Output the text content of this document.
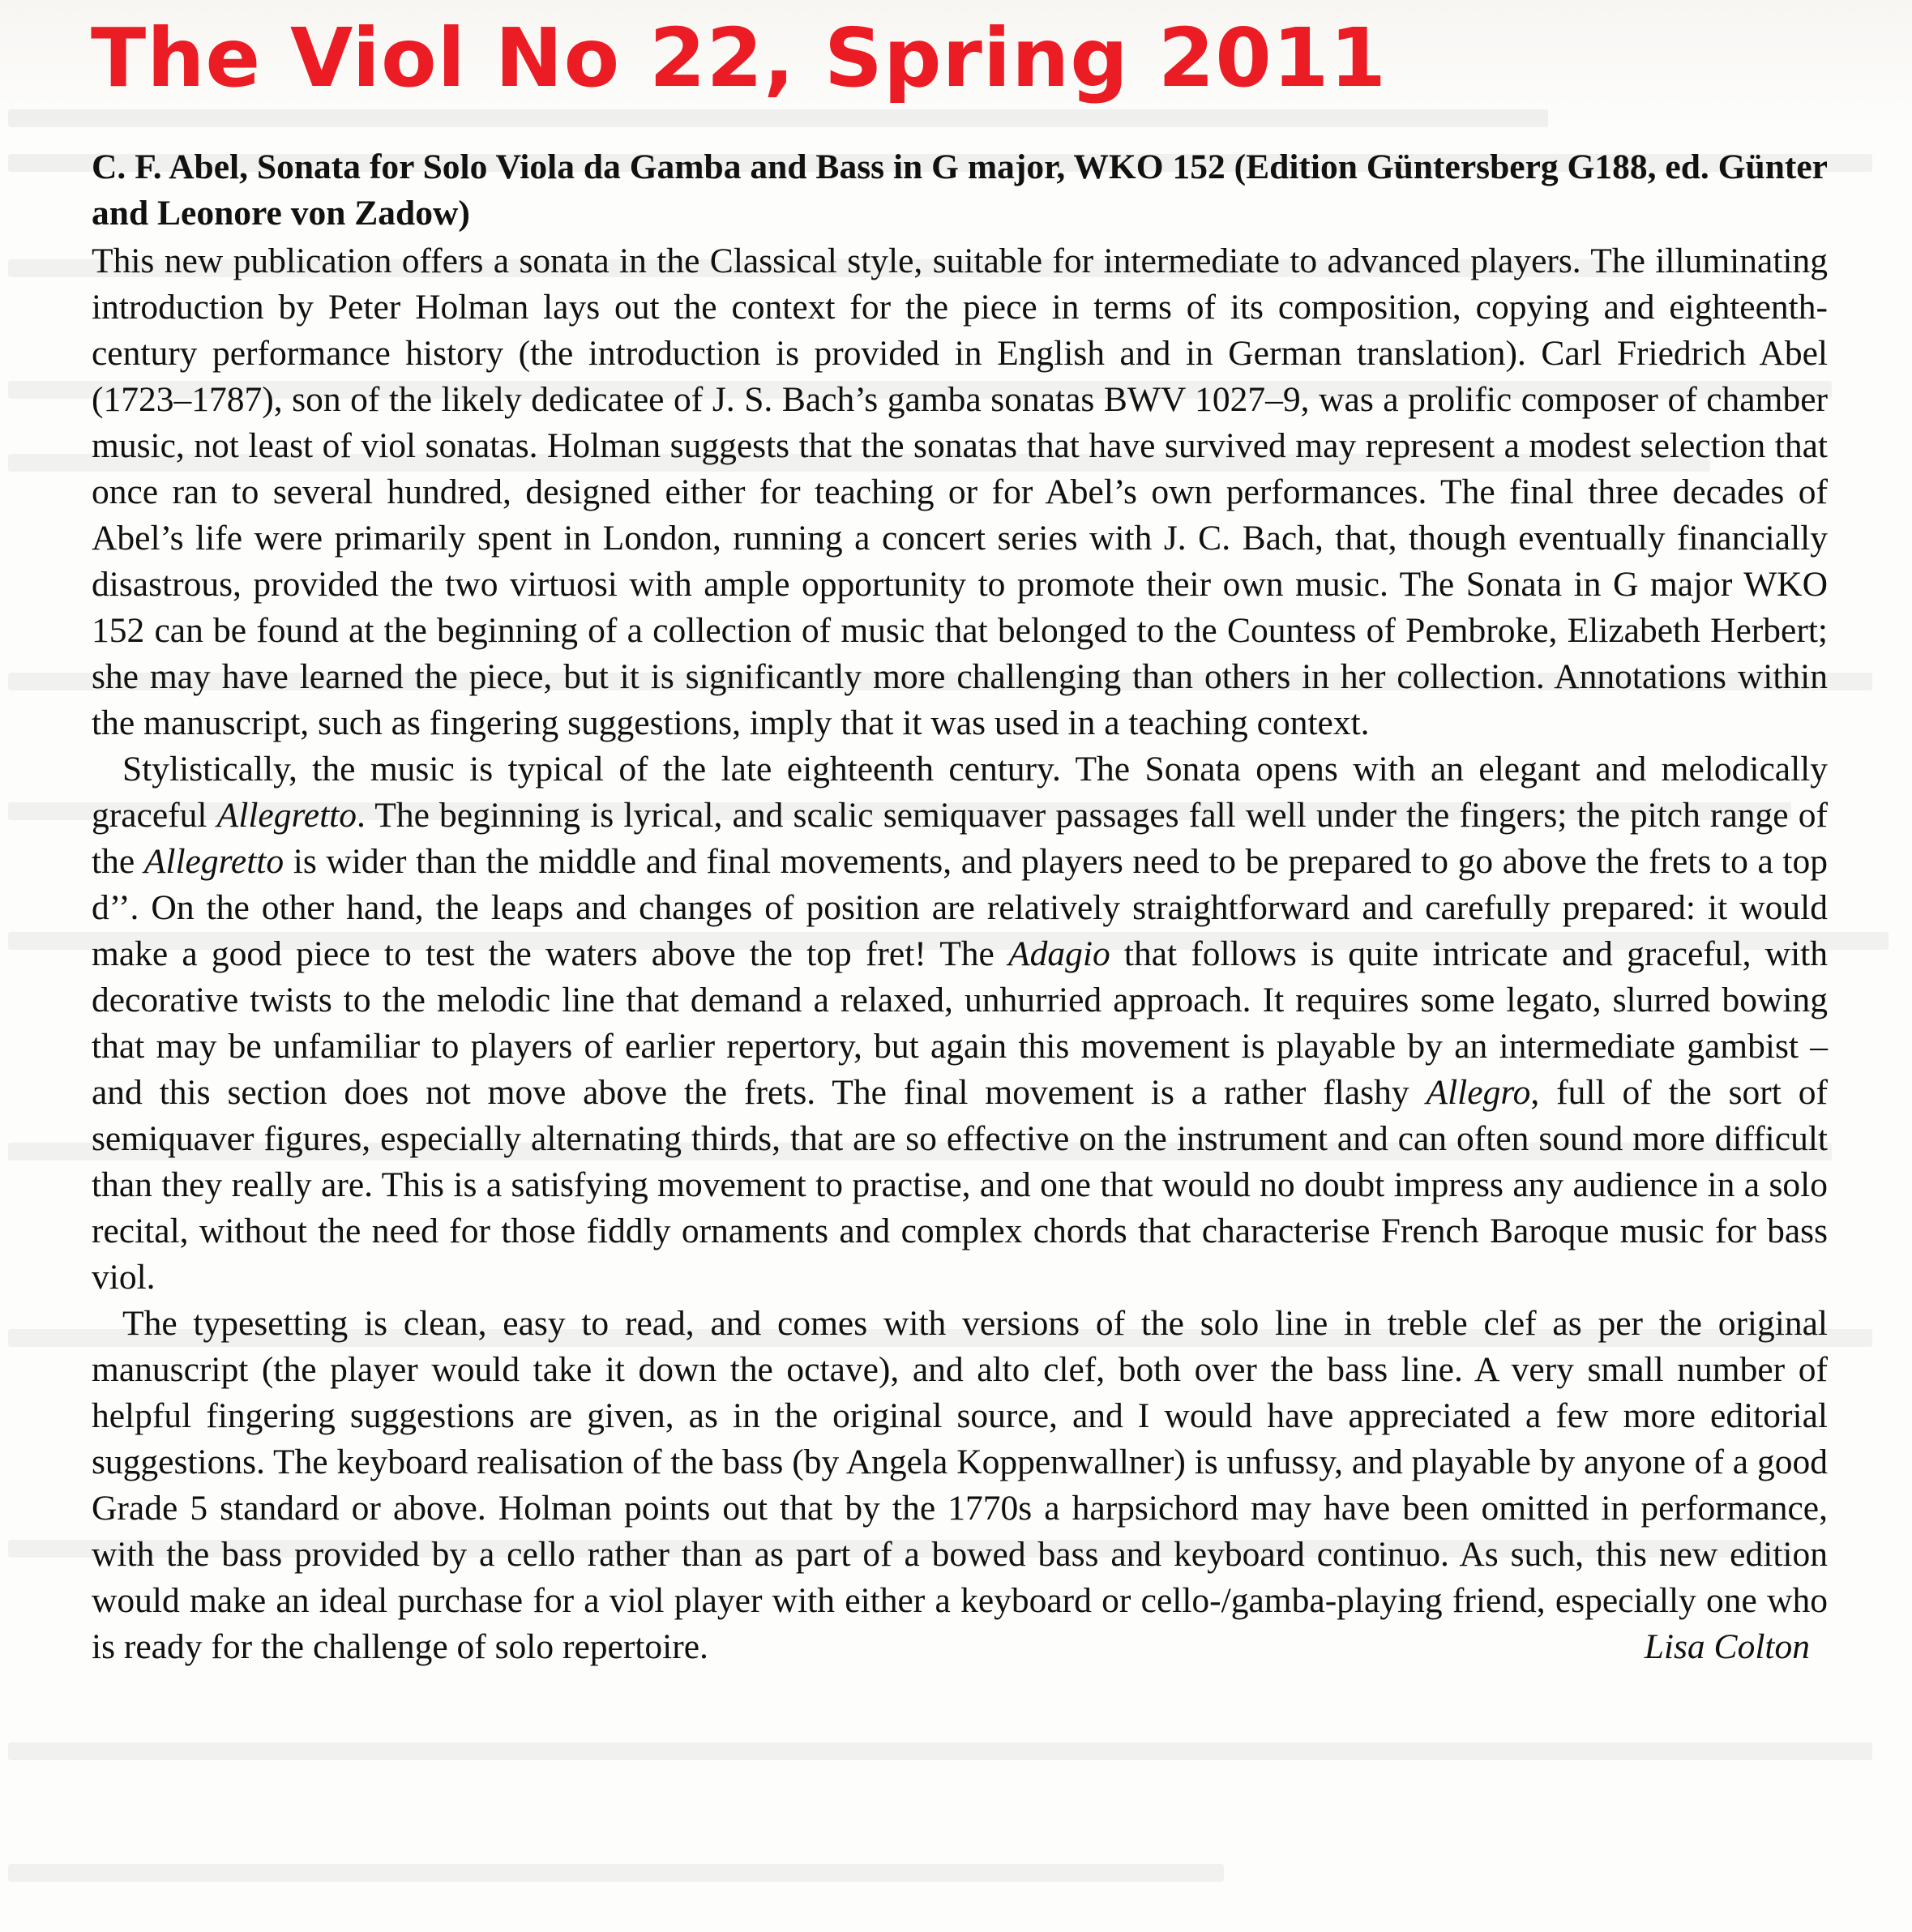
The Viol No 22, Spring 2011
C. F. Abel, Sonata for Solo Viola da Gamba and Bass in G major, WKO 152 (Edition Güntersberg G188, ed. Günter and Leonore von Zadow)

This new publication offers a sonata in the Classical style, suitable for intermediate to advanced players. The illuminating introduction by Peter Holman lays out the context for the piece in terms of its composition, copying and eighteenth-century performance history (the introduction is provided in English and in German translation). Carl Friedrich Abel (1723–1787), son of the likely dedicatee of J. S. Bach’s gamba sonatas BWV 1027–9, was a prolific composer of chamber music, not least of viol sonatas. Holman suggests that the sonatas that have survived may represent a modest selection that once ran to several hundred, designed either for teaching or for Abel’s own performances. The final three decades of Abel’s life were primarily spent in London, running a concert series with J. C. Bach, that, though eventually financially disastrous, provided the two virtuosi with ample opportunity to promote their own music. The Sonata in G major WKO 152 can be found at the beginning of a collection of music that belonged to the Countess of Pembroke, Elizabeth Herbert; she may have learned the piece, but it is significantly more challenging than others in her collection. Annotations within the manuscript, such as fingering suggestions, imply that it was used in a teaching context.

Stylistically, the music is typical of the late eighteenth century. The Sonata opens with an elegant and melodically graceful Allegretto. The beginning is lyrical, and scalic semiquaver passages fall well under the fingers; the pitch range of the Allegretto is wider than the middle and final movements, and players need to be prepared to go above the frets to a top d’’. On the other hand, the leaps and changes of position are relatively straightforward and carefully prepared: it would make a good piece to test the waters above the top fret! The Adagio that follows is quite intricate and graceful, with decorative twists to the melodic line that demand a relaxed, unhurried approach. It requires some legato, slurred bowing that may be unfamiliar to players of earlier repertory, but again this movement is playable by an intermediate gambist – and this section does not move above the frets. The final movement is a rather flashy Allegro, full of the sort of semiquaver figures, especially alternating thirds, that are so effective on the instrument and can often sound more difficult than they really are. This is a satisfying movement to practise, and one that would no doubt impress any audience in a solo recital, without the need for those fiddly ornaments and complex chords that characterise French Baroque music for bass viol.

The typesetting is clean, easy to read, and comes with versions of the solo line in treble clef as per the original manuscript (the player would take it down the octave), and alto clef, both over the bass line. A very small number of helpful fingering suggestions are given, as in the original source, and I would have appreciated a few more editorial suggestions. The keyboard realisation of the bass (by Angela Koppenwallner) is unfussy, and playable by anyone of a good Grade 5 standard or above. Holman points out that by the 1770s a harpsichord may have been omitted in performance, with the bass provided by a cello rather than as part of a bowed bass and keyboard continuo. As such, this new edition would make an ideal purchase for a viol player with either a keyboard or cello-/gamba-playing friend, especially one who is ready for the challenge of solo repertoire.	Lisa Colton
